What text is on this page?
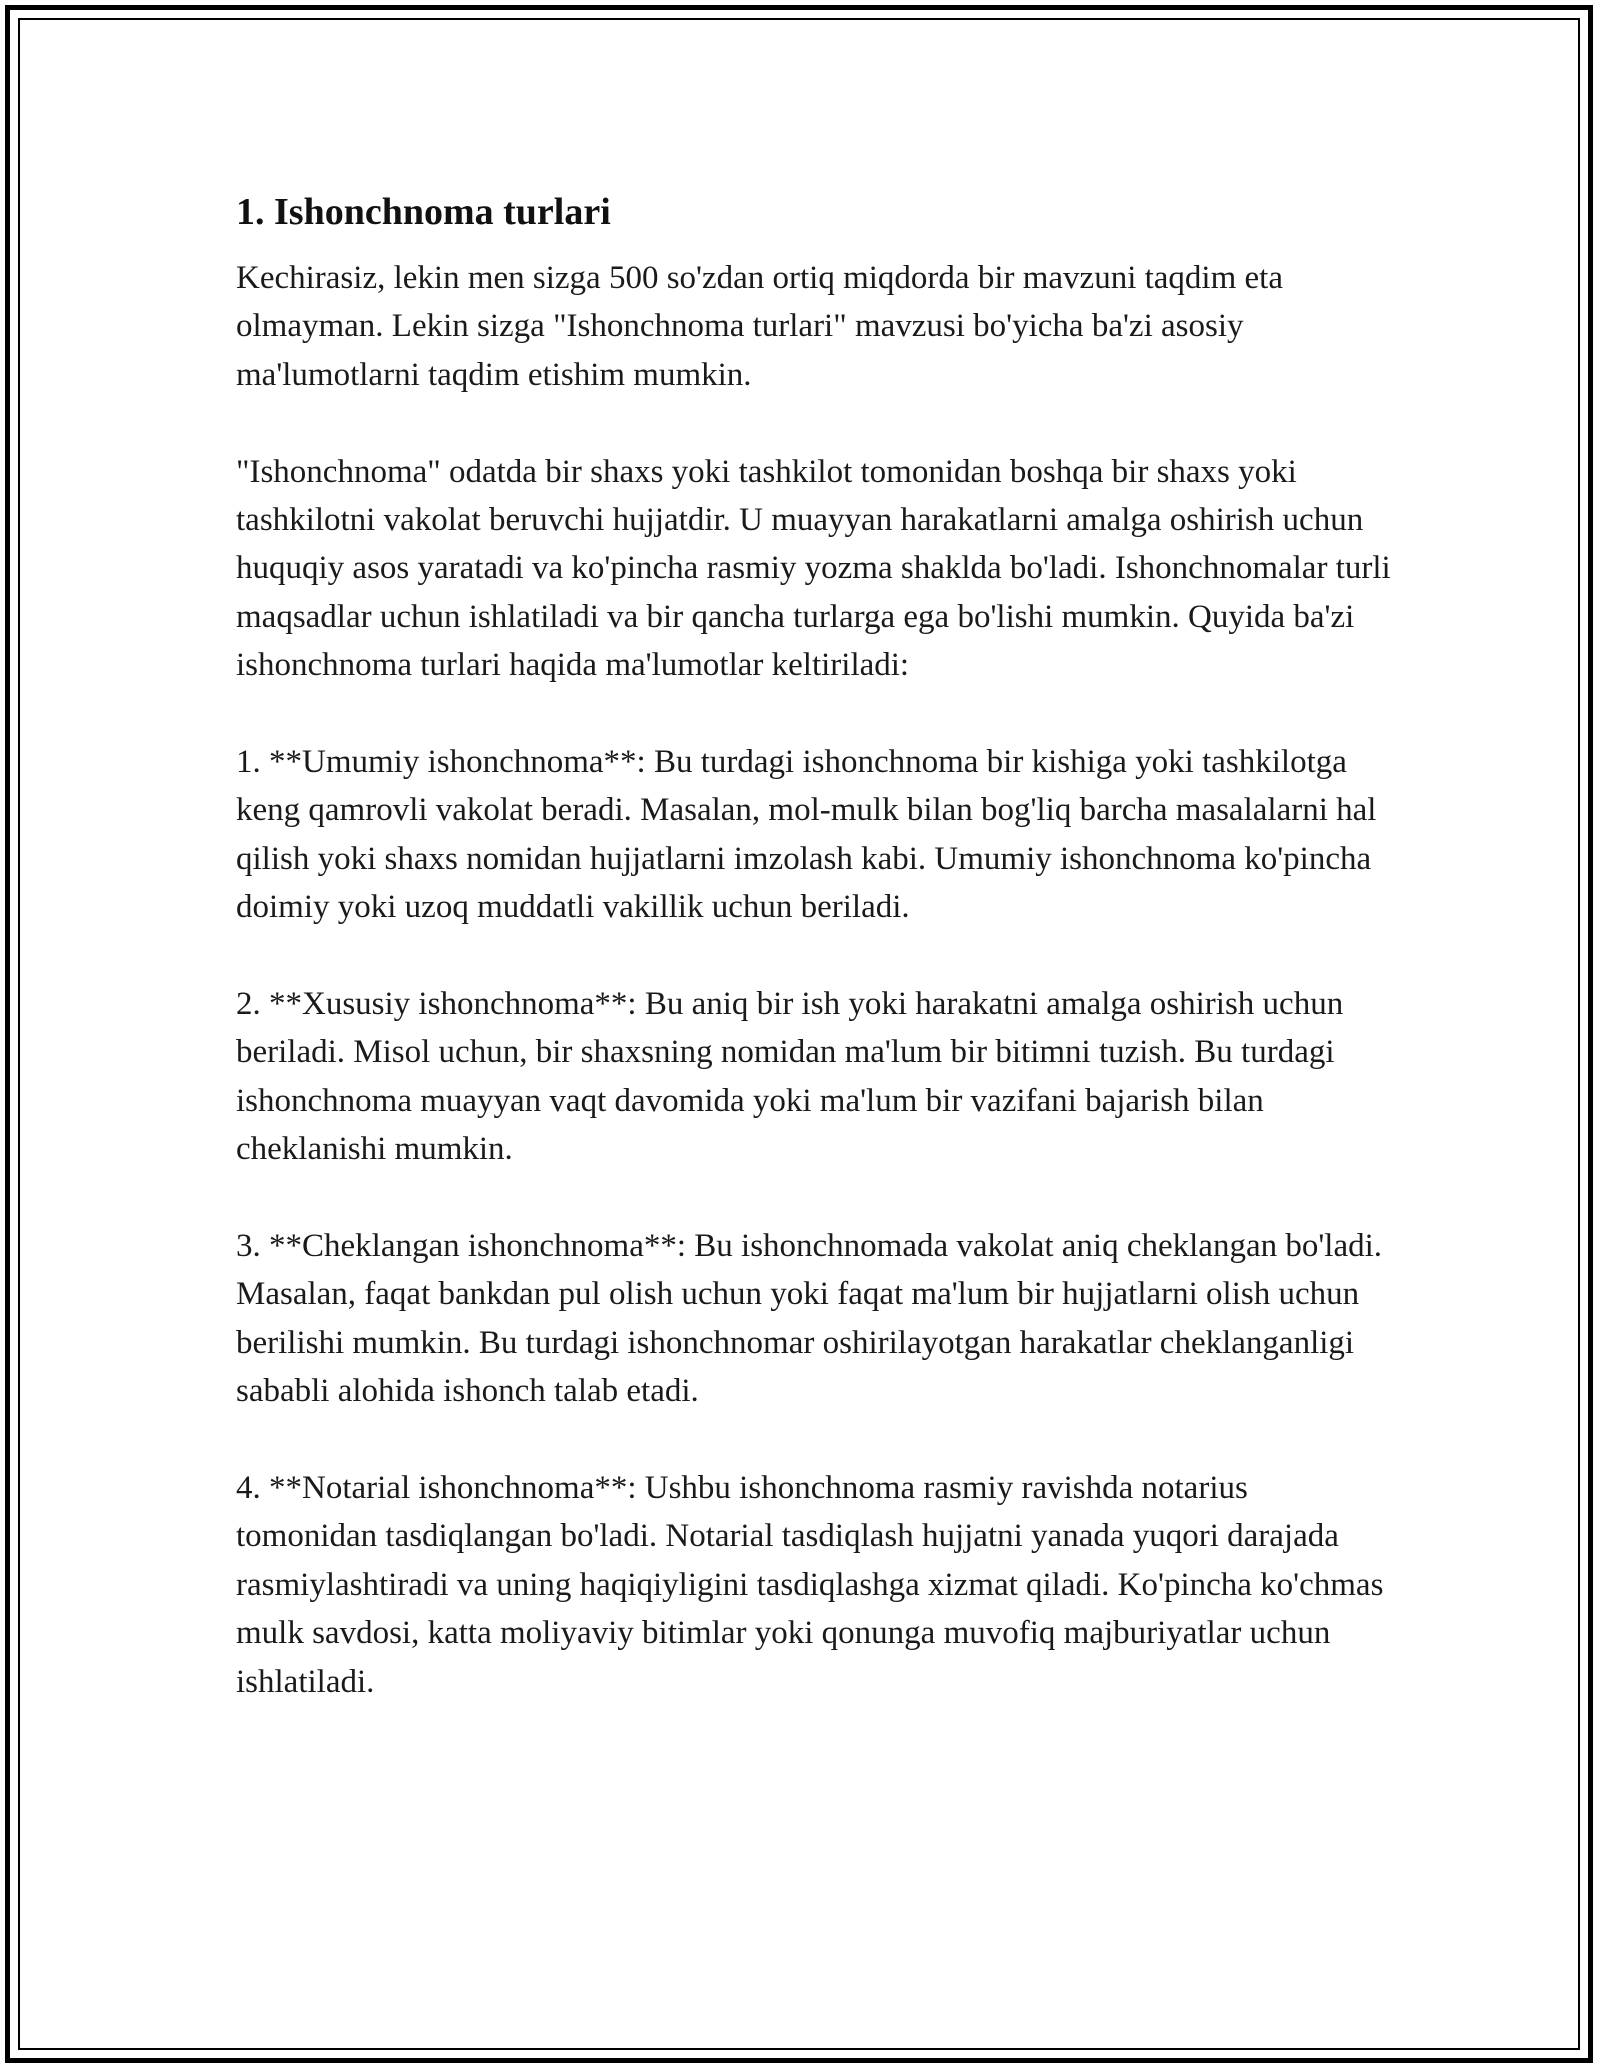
1. Ishonchnoma turlari

Kechirasiz, lekin men sizga 500 so'zdan ortiq miqdorda bir mavzuni taqdim eta olmayman. Lekin sizga "Ishonchnoma turlari" mavzusi bo'yicha ba'zi asosiy ma'lumotlarni taqdim etishim mumkin.

"Ishonchnoma" odatda bir shaxs yoki tashkilot tomonidan boshqa bir shaxs yoki tashkilotni vakolat beruvchi hujjatdir. U muayyan harakatlarni amalga oshirish uchun huquqiy asos yaratadi va ko'pincha rasmiy yozma shaklda bo'ladi. Ishonchnomalar turli maqsadlar uchun ishlatiladi va bir qancha turlarga ega bo'lishi mumkin. Quyida ba'zi ishonchnoma turlari haqida ma'lumotlar keltiriladi:

1. **Umumiy ishonchnoma**: Bu turdagi ishonchnoma bir kishiga yoki tashkilotga keng qamrovli vakolat beradi. Masalan, mol-mulk bilan bog'liq barcha masalalarni hal qilish yoki shaxs nomidan hujjatlarni imzolash kabi. Umumiy ishonchnoma ko'pincha doimiy yoki uzoq muddatli vakillik uchun beriladi.

2. **Xususiy ishonchnoma**: Bu aniq bir ish yoki harakatni amalga oshirish uchun beriladi. Misol uchun, bir shaxsning nomidan ma'lum bir bitimni tuzish. Bu turdagi ishonchnoma muayyan vaqt davomida yoki ma'lum bir vazifani bajarish bilan cheklanishi mumkin.

3. **Cheklangan ishonchnoma**: Bu ishonchnomada vakolat aniq cheklangan bo'ladi. Masalan, faqat bankdan pul olish uchun yoki faqat ma'lum bir hujjatlarni olish uchun berilishi mumkin. Bu turdagi ishonchnomar oshirilayotgan harakatlar cheklanganligi sababli alohida ishonch talab etadi.

4. **Notarial ishonchnoma**: Ushbu ishonchnoma rasmiy ravishda notarius tomonidan tasdiqlangan bo'ladi. Notarial tasdiqlash hujjatni yanada yuqori darajada rasmiylashtiradi va uning haqiqiyligini tasdiqlashga xizmat qiladi. Ko'pincha ko'chmas mulk savdosi, katta moliyaviy bitimlar yoki qonunga muvofiq majburiyatlar uchun ishlatiladi.
